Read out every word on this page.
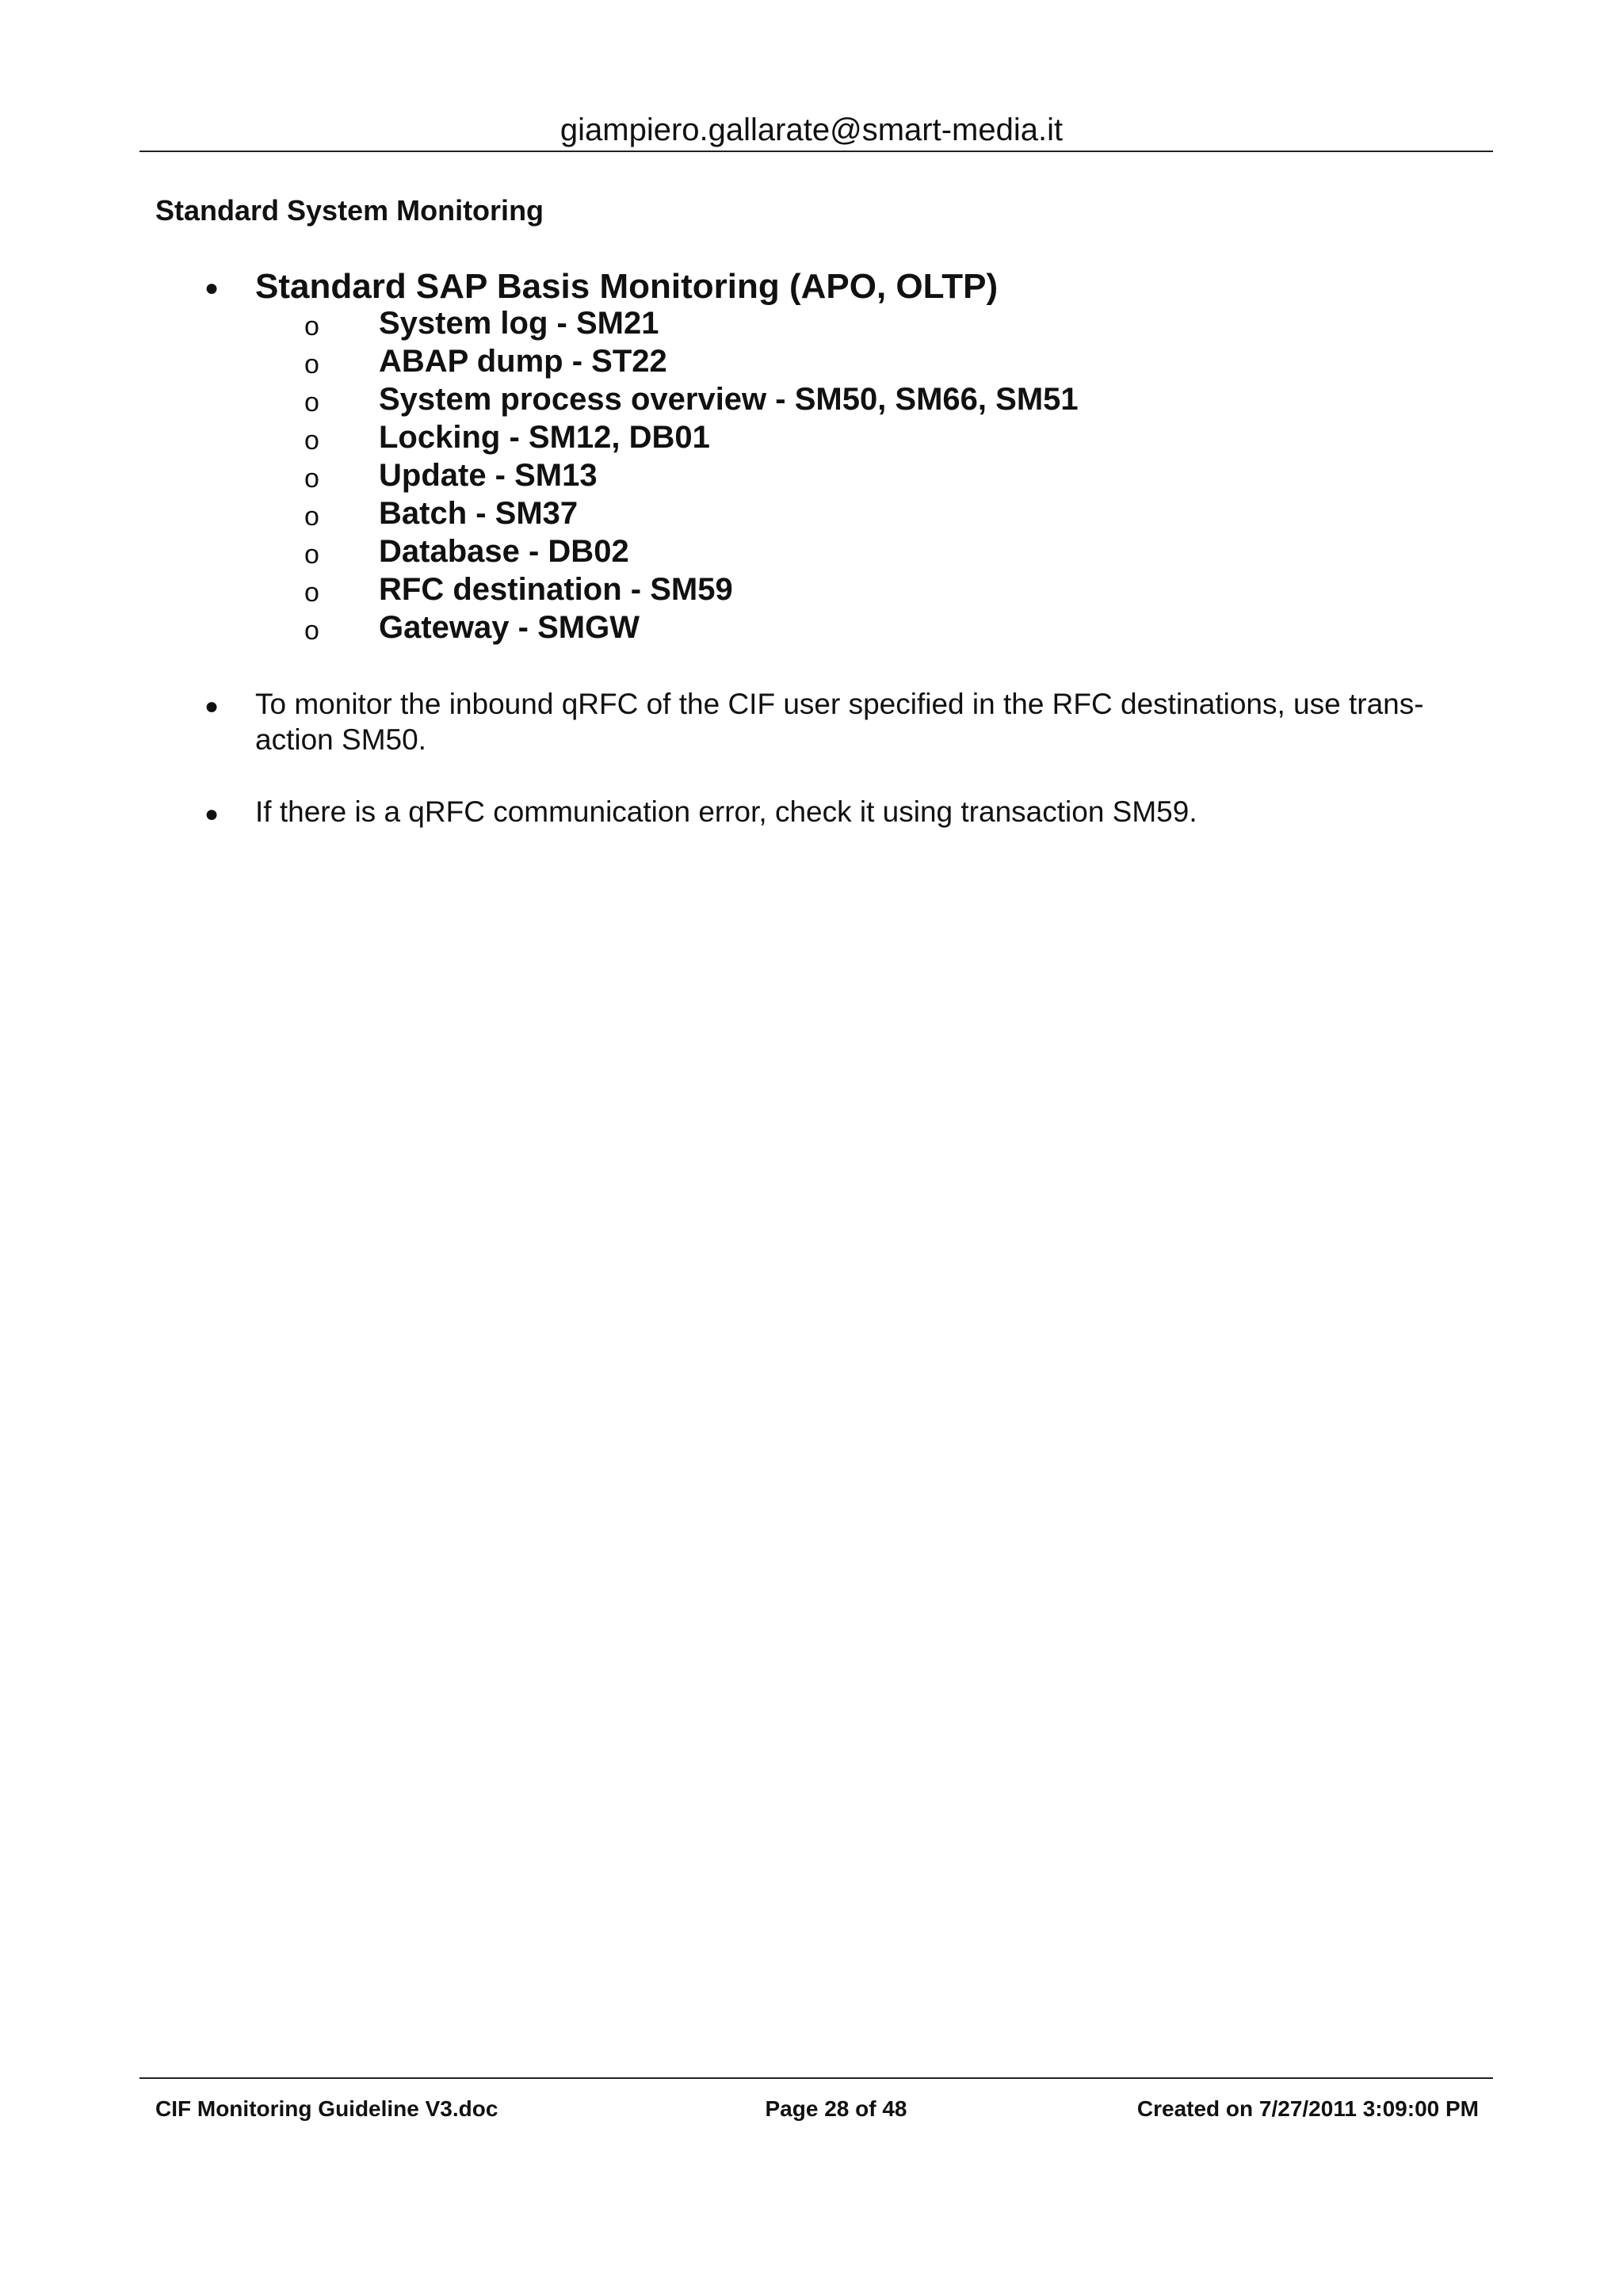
giampiero.gallarate@smart-media.it
Standard System Monitoring
● Standard SAP Basis Monitoring (APO, OLTP)
o System log - SM21
o ABAP dump - ST22
o System process overview - SM50, SM66, SM51
o Locking - SM12, DB01
o Update - SM13
o Batch - SM37
o Database - DB02
o RFC destination - SM59
o Gateway - SMGW
● To monitor the inbound qRFC of the CIF user specified in the RFC destinations, use trans-
action SM50.
● If there is a qRFC communication error, check it using transaction SM59.
CIF Monitoring Guideline V3.doc	Page 28 of 48	Created on 7/27/2011 3:09:00 PM
